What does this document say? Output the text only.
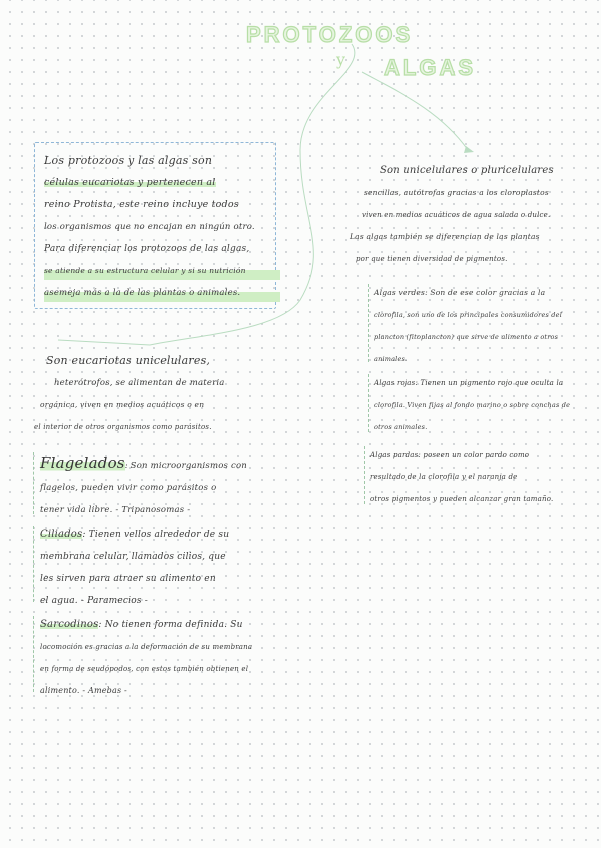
PROTOZOOS
y ALGAS
Los protozoos y las algas son
células eucariotas y pertenecen al
reino Protista, este reino incluye todos
los organismos que no encajan en ningún otro.
Para diferenciar los protozoos de las algas,
se atiende a su estructura celular y si su nutrición
asemeja más a la de las plantas o animales.
Son eucariotas unicelulares,
heterótrofos, se alimentan de materia
orgánica, viven en medios acuáticos o en
el interior de otros organismos como parásitos.
Flagelados: Son microorganismos con
flagelos, pueden vivir como parásitos o
tener vida libre. - Tripanosomas -
Ciliados: Tienen vellos alrededor de su
membrana celular, llamados cilios, que
les sirven para atraer su alimento en
el agua. - Paramecios -
Sarcodinos: No tienen forma definida. Su
locomoción es gracias a la deformación de su membrana
en forma de seudópodos, con estos también obtienen el
alimento. - Amebas -
Son unicelulares o pluricelulares
sencillas, autótrofas gracias a los cloroplastos
viven en medios acuáticos de agua salada o dulce.
Las algas también se diferencian de las plantas
por que tienen diversidad de pigmentos.
Algas verdes: Son de ese color gracias a la
clorofila, son uno de los principales consumidores del
plancton (fitoplancton) que sirve de alimento a otros
animales.
Algas rojas: Tienen un pigmento rojo que oculta la
clorofila. Viven fijas al fondo marino o sobre conchas de
otros animales.
Algas pardas: poseen un color pardo como
resultado de la clorofila y el naranja de
otros pigmentos y pueden alcanzar gran tamaño.
